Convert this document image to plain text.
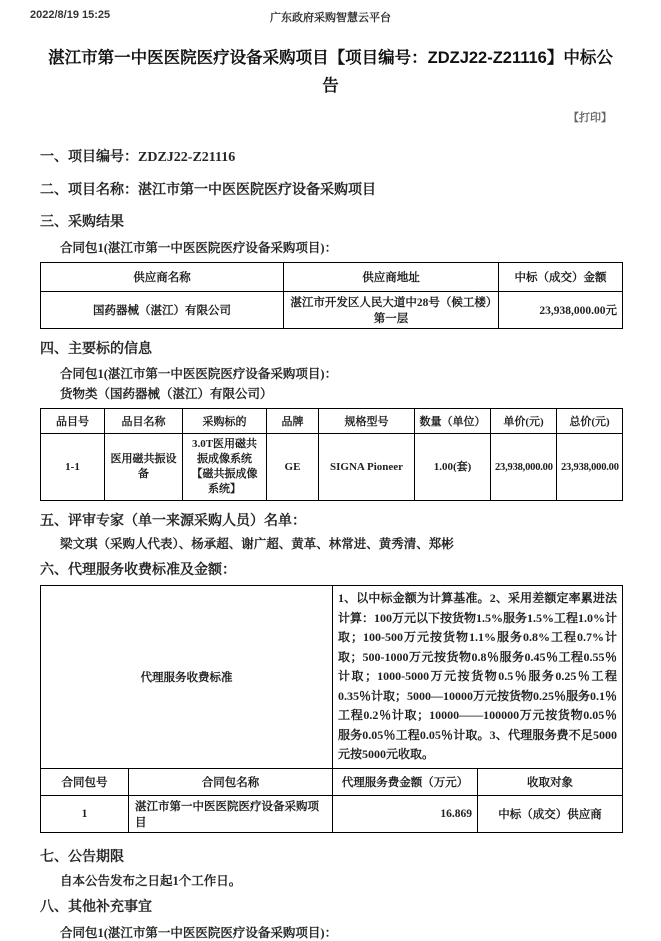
2022/8/19 15:25	广东政府采购智慧云平台
湛江市第一中医医院医疗设备采购项目【项目编号：ZDZJ22-Z21116】中标公告
【打印】
一、项目编号：ZDZJ22-Z21116
二、项目名称：湛江市第一中医医院医疗设备采购项目
三、采购结果

合同包1(湛江市第一中医医院医疗设备采购项目)：

供应商名称	供应商地址	中标（成交）金额
国药器械（湛江）有限公司	湛江市开发区人民大道中28号（候工楼）第一层	23,938,000.00元
四、主要标的信息

合同包1(湛江市第一中医医院医疗设备采购项目)：

货物类（国药器械（湛江）有限公司）

品目号	品目名称	采购标的	品牌	规格型号	数量（单位）	单价(元)	总价(元)
1-1	医用磁共振设备	3.0T医用磁共振成像系统【磁共振成像系统】	GE	SIGNA Pioneer	1.00(套)	23,938,000.00	23,938,000.00
五、评审专家（单一来源采购人员）名单：

梁文琪（采购人代表）、杨承超、谢广超、黄革、林常进、黄秀清、郑彬

六、代理服务收费标准及金额：
代理服务收费标准		1、以中标金额为计算基准。2、采用差额定率累进法计算：100万元以下按货物1.5%服务1.5%工程1.0%计取；100-500万元按货物1.1%服务0.8%工程0.7%计取；500-1000万元按货物0.8％服务0.45％工程0.55％计取；1000-5000万元按货物0.5％服务0.25％工程0.35％计取；5000—10000万元按货物0.25％服务0.1％工程0.2％计取；10000——100000万元按货物0.05％服务0.05％工程0.05％计取。3、代理服务费不足5000元按5000元收取。	
合同包号	合同包名称	代理服务费金额（万元）	收取对象
1	湛江市第一中医医院医疗设备采购项目	16.869	中标（成交）供应商
七、公告期限

自本公告发布之日起1个工作日。

八、其他补充事宜

合同包1(湛江市第一中医医院医疗设备采购项目)：
